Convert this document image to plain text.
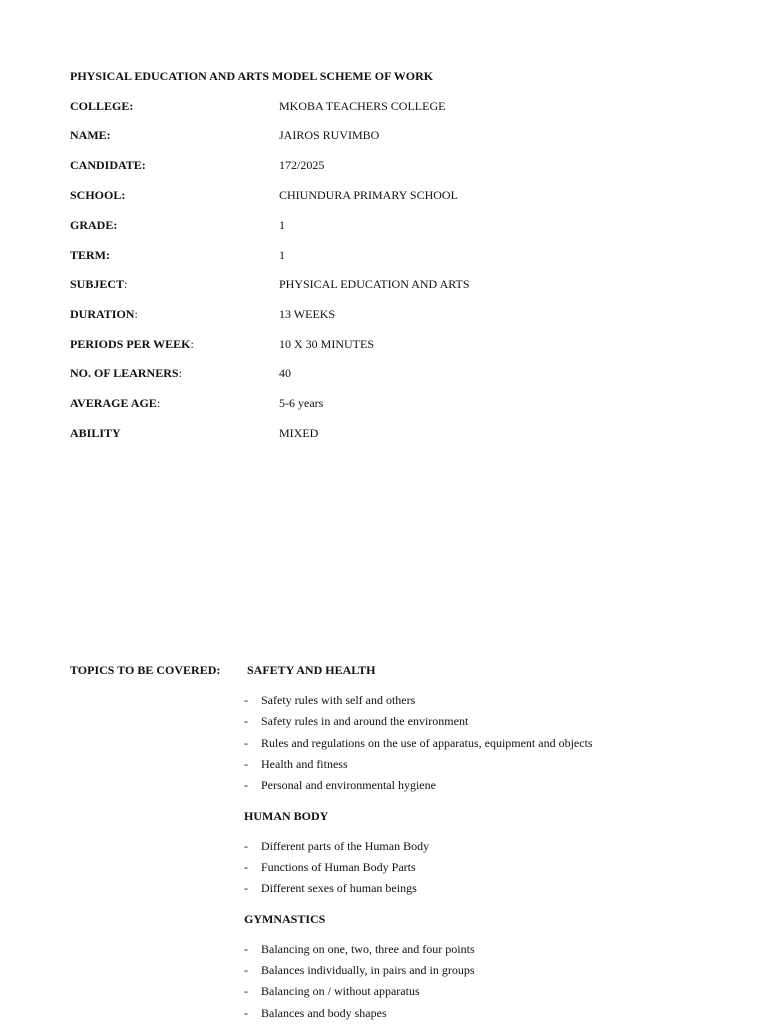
PHYSICAL EDUCATION AND ARTS MODEL SCHEME OF WORK
COLLEGE:	MKOBA TEACHERS COLLEGE
NAME:	JAIROS RUVIMBO
CANDIDATE:	172/2025
SCHOOL:	CHIUNDURA PRIMARY SCHOOL
GRADE:	1
TERM:	1
SUBJECT:	PHYSICAL EDUCATION AND ARTS
DURATION:	13 WEEKS
PERIODS PER WEEK:	10 X 30 MINUTES
NO. OF LEARNERS:	40
AVERAGE AGE:	5-6 years
ABILITY	MIXED
TOPICS TO BE COVERED: SAFETY AND HEALTH
- Safety rules with self and others
- Safety rules in and around the environment
- Rules and regulations on the use of apparatus, equipment and objects
- Health and fitness
- Personal and environmental hygiene
HUMAN BODY
- Different parts of the Human Body
- Functions of Human Body Parts
- Different sexes of human beings
GYMNASTICS
- Balancing on one, two, three and four points
- Balances individually, in pairs and in groups
- Balancing on / without apparatus
- Balances and body shapes
